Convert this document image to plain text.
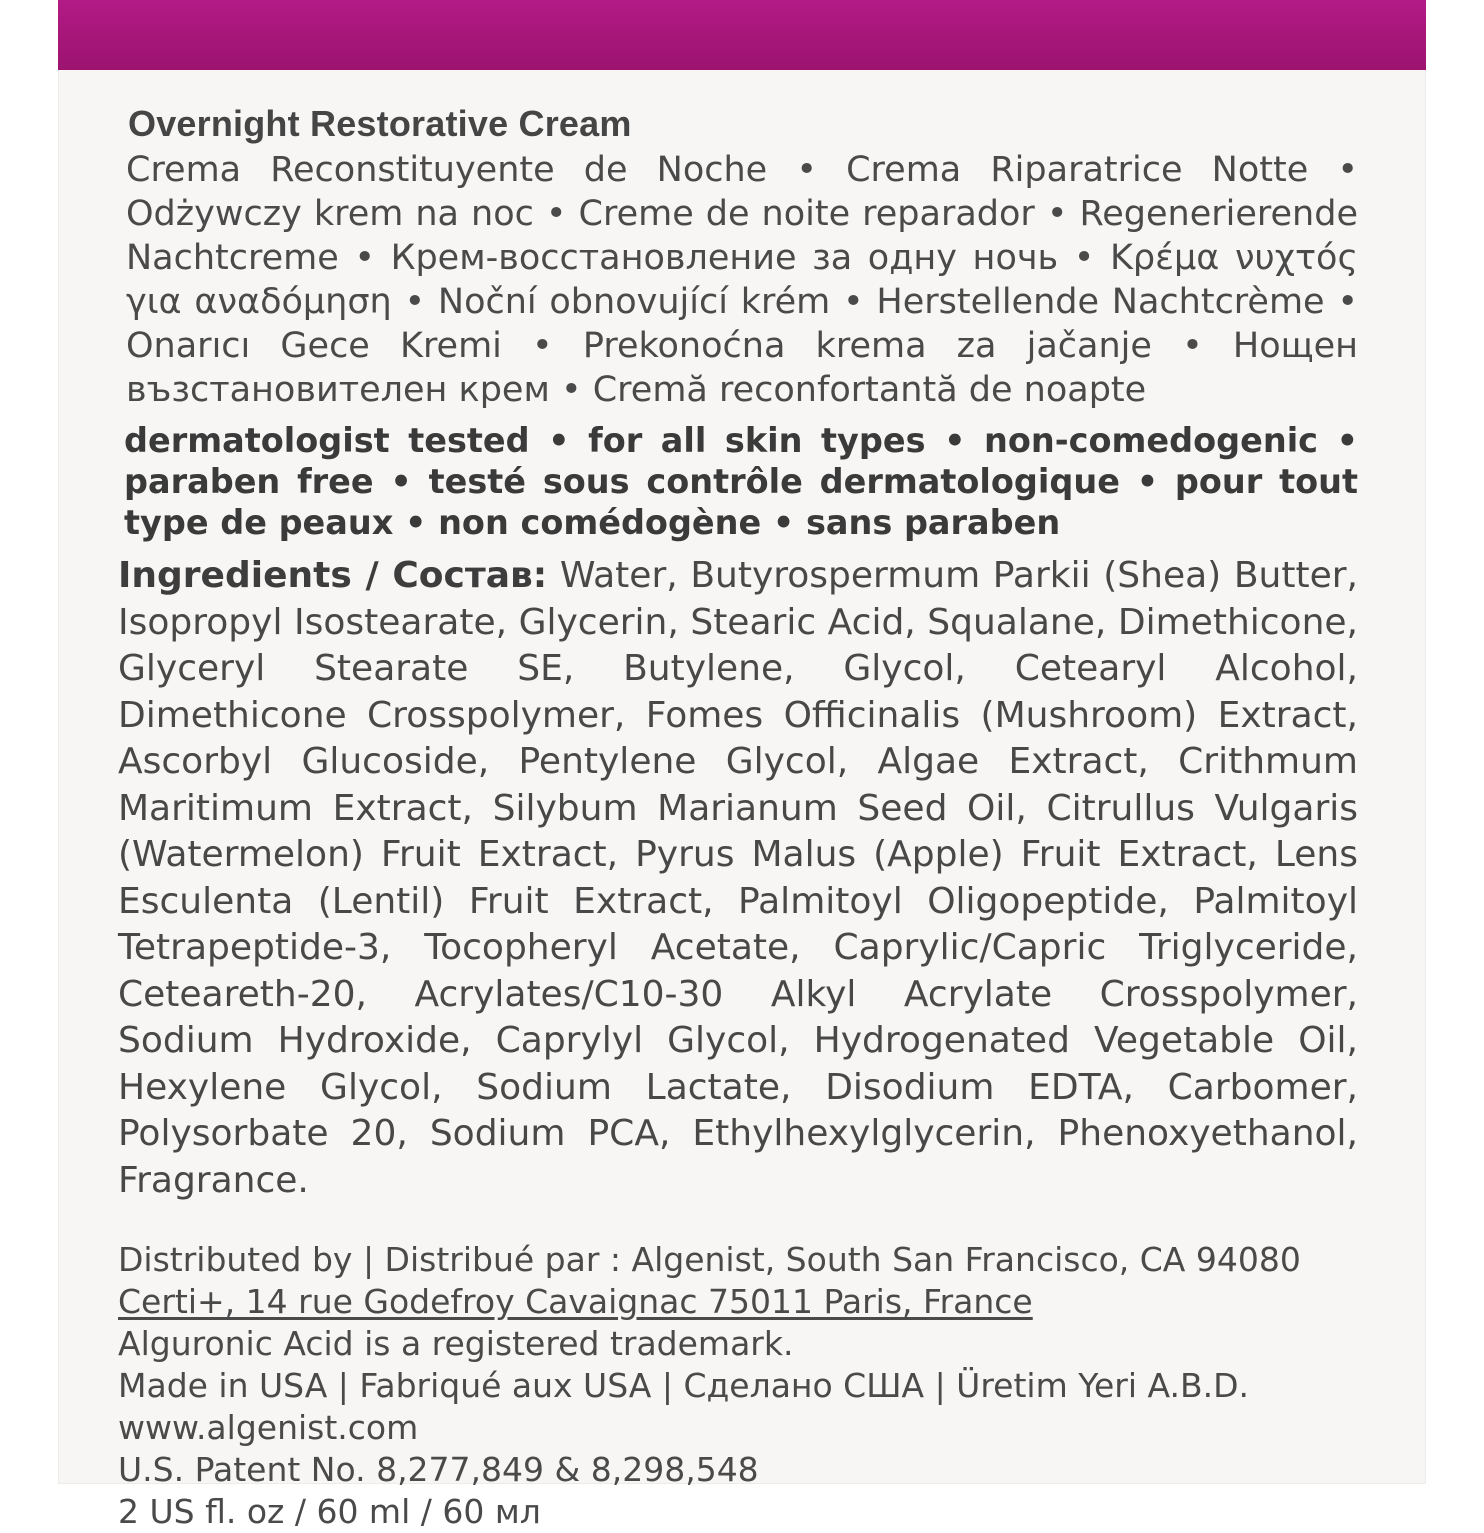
Overnight Restorative Cream
Crema Reconstituyente de Noche • Crema Riparatrice Notte • Odżywczy krem na noc • Creme de noite reparador • Regenerierende Nachtcreme • Крем-восстановление за одну ночь • Κρέμα νυχτός για αναδόμηση • Noční obnovující krém • Herstellende Nachtcrème • Onarıcı Gece Kremi • Prekonoćna krema za jačanje • Нощен възстановителен крем • Cremă reconfortantă de noapte
dermatologist tested • for all skin types • non-comedogenic • paraben free • testé sous contrôle dermatologique • pour tout type de peaux • non comédogène • sans paraben
Ingredients / Состав: Water, Butyrospermum Parkii (Shea) Butter, Isopropyl Isostearate, Glycerin, Stearic Acid, Squalane, Dimethicone, Glyceryl Stearate SE, Butylene, Glycol, Cetearyl Alcohol, Dimethicone Crosspolymer, Fomes Officinalis (Mushroom) Extract, Ascorbyl Glucoside, Pentylene Glycol, Algae Extract, Crithmum Maritimum Extract, Silybum Marianum Seed Oil, Citrullus Vulgaris (Watermelon) Fruit Extract, Pyrus Malus (Apple) Fruit Extract, Lens Esculenta (Lentil) Fruit Extract, Palmitoyl Oligopeptide, Palmitoyl Tetrapeptide-3, Tocopheryl Acetate, Caprylic/Capric Triglyceride, Ceteareth-20, Acrylates/C10-30 Alkyl Acrylate Crosspolymer, Sodium Hydroxide, Caprylyl Glycol, Hydrogenated Vegetable Oil, Hexylene Glycol, Sodium Lactate, Disodium EDTA, Carbomer, Polysorbate 20, Sodium PCA, Ethylhexylglycerin, Phenoxyethanol, Fragrance.
Distributed by | Distribué par : Algenist, South San Francisco, CA 94080
Certi+, 14 rue Godefroy Cavaignac 75011 Paris, France
Alguronic Acid is a registered trademark.
Made in USA | Fabriqué aux USA | Сделано США | Üretim Yeri A.B.D.
www.algenist.com
U.S. Patent No. 8,277,849 & 8,298,548
2 US fl. oz / 60 ml / 60 мл
